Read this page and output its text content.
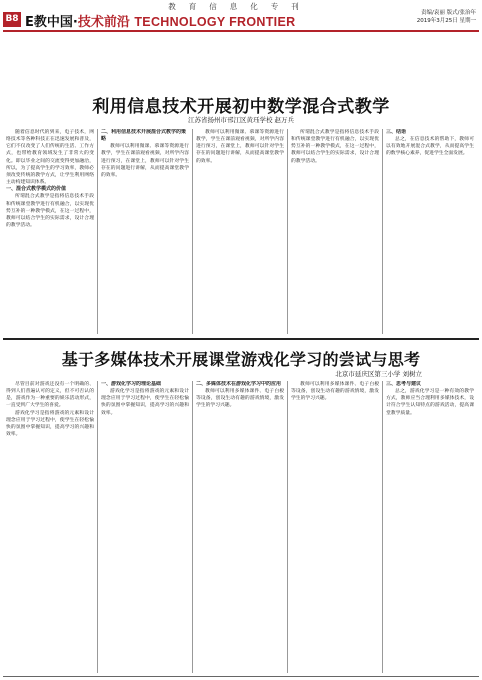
教育信息化专刊
B8 E教中国·技术前沿 TECHNOLOGY FRONTIER
责编/袁丽 版式/张治年
2019年3月25日 星期一
利用信息技术开展初中数学混合式教学
江苏省扬州市邗江区黄珏学校 赵万兵

随着信息时代的到来，电子技术，网络技术等各种科技正在迅速发展和普及，它们不仅改变了人们传统的生活、工作方式，也带给教育领域发生了非常大的变化。即以毕业之间的交流变得更加融洽，所以，为了提高学生的学习效率，教师必须改变传统的教学方式，让学生利用网络主动构建知识体系。

一、混合式教学模式的价值

所谓混合式教学是指将信息技术手段和传统课堂教学进行有机融合，以实现优势互补的一种教学模式，在这一过程中，教师可以结合学生的实际需求，设计合理的教学活动。

二、利用信息技术开展混合式教学的策略

教师可以利用微课、慕课等资源进行教学，学生在课前观看视频，对所学内容进行预习，在课堂上，教师可以针对学生存在的问题进行讲解，从而提高课堂教学的效率。

教师可以利用微课、慕课等资源进行教学，学生在课前观看视频，对所学内容进行预习，在课堂上，教师可以针对学生存在的问题进行讲解，从而提高课堂教学的效率。

所谓混合式教学是指将信息技术手段和传统课堂教学进行有机融合，以实现优势互补的一种教学模式，在这一过程中，教师可以结合学生的实际需求，设计合理的教学活动。

三、结语

总之，在信息技术的帮助下，教师可以有效地开展混合式教学，从而提高学生的数学核心素养，促进学生全面发展。

基于多媒体技术开展课堂游戏化学习的尝试与思考
北京市延庆区第三小学 刘树立

尽管目前对游戏还没有一个明确的、得到人们普遍认可的定义，但不可否认的是，游戏作为一种重要的娱乐活动形式，一直受到广大学生的喜爱。

游戏化学习是指将游戏的元素和设计理念应用于学习过程中，使学生在轻松愉快的氛围中掌握知识，提高学习的兴趣和效率。

一、游戏化学习的理论基础

游戏化学习是指将游戏的元素和设计理念应用于学习过程中，使学生在轻松愉快的氛围中掌握知识，提高学习的兴趣和效率。

二、多媒体技术在游戏化学习中的应用

教师可以利用多媒体课件、电子白板等设备，创设生动有趣的游戏情境，激发学生的学习兴趣。

教师可以利用多媒体课件、电子白板等设备，创设生动有趣的游戏情境，激发学生的学习兴趣。

三、思考与建议

总之，游戏化学习是一种有效的教学方式，教师应当合理利用多媒体技术，设计符合学生认知特点的游戏活动，提高课堂教学质量。
